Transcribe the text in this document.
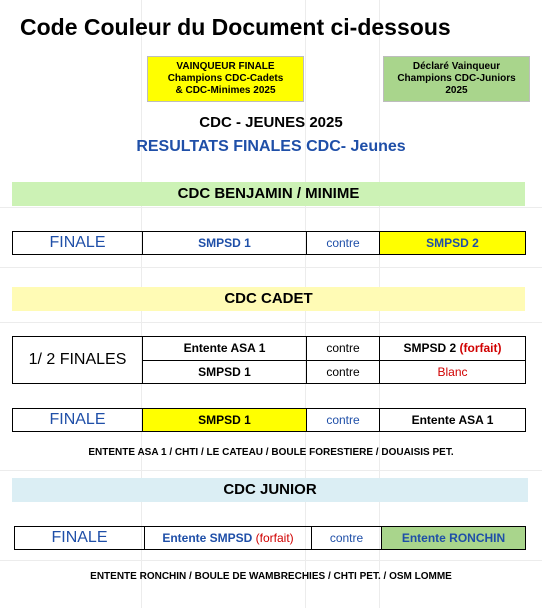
Code Couleur du Document ci-dessous
VAINQUEUR FINALE
Champions CDC-Cadets
& CDC-Minimes 2025
Déclaré Vainqueur
Champions CDC-Juniors
2025
CDC - JEUNES 2025
RESULTATS FINALES CDC- Jeunes
CDC BENJAMIN / MINIME
FINALE	SMPSD 1	contre	SMPSD 2
CDC CADET
1/ 2 FINALES	Entente ASA 1	contre	SMPSD 2 (forfait)
	SMPSD 1	contre	Blanc
FINALE	SMPSD 1	contre	Entente ASA 1
ENTENTE ASA 1 / CHTI / LE CATEAU / BOULE FORESTIERE / DOUAISIS PET.
CDC JUNIOR
FINALE	Entente SMPSD (forfait)	contre	Entente RONCHIN
ENTENTE RONCHIN / BOULE DE WAMBRECHIES / CHTI PET. / OSM LOMME
